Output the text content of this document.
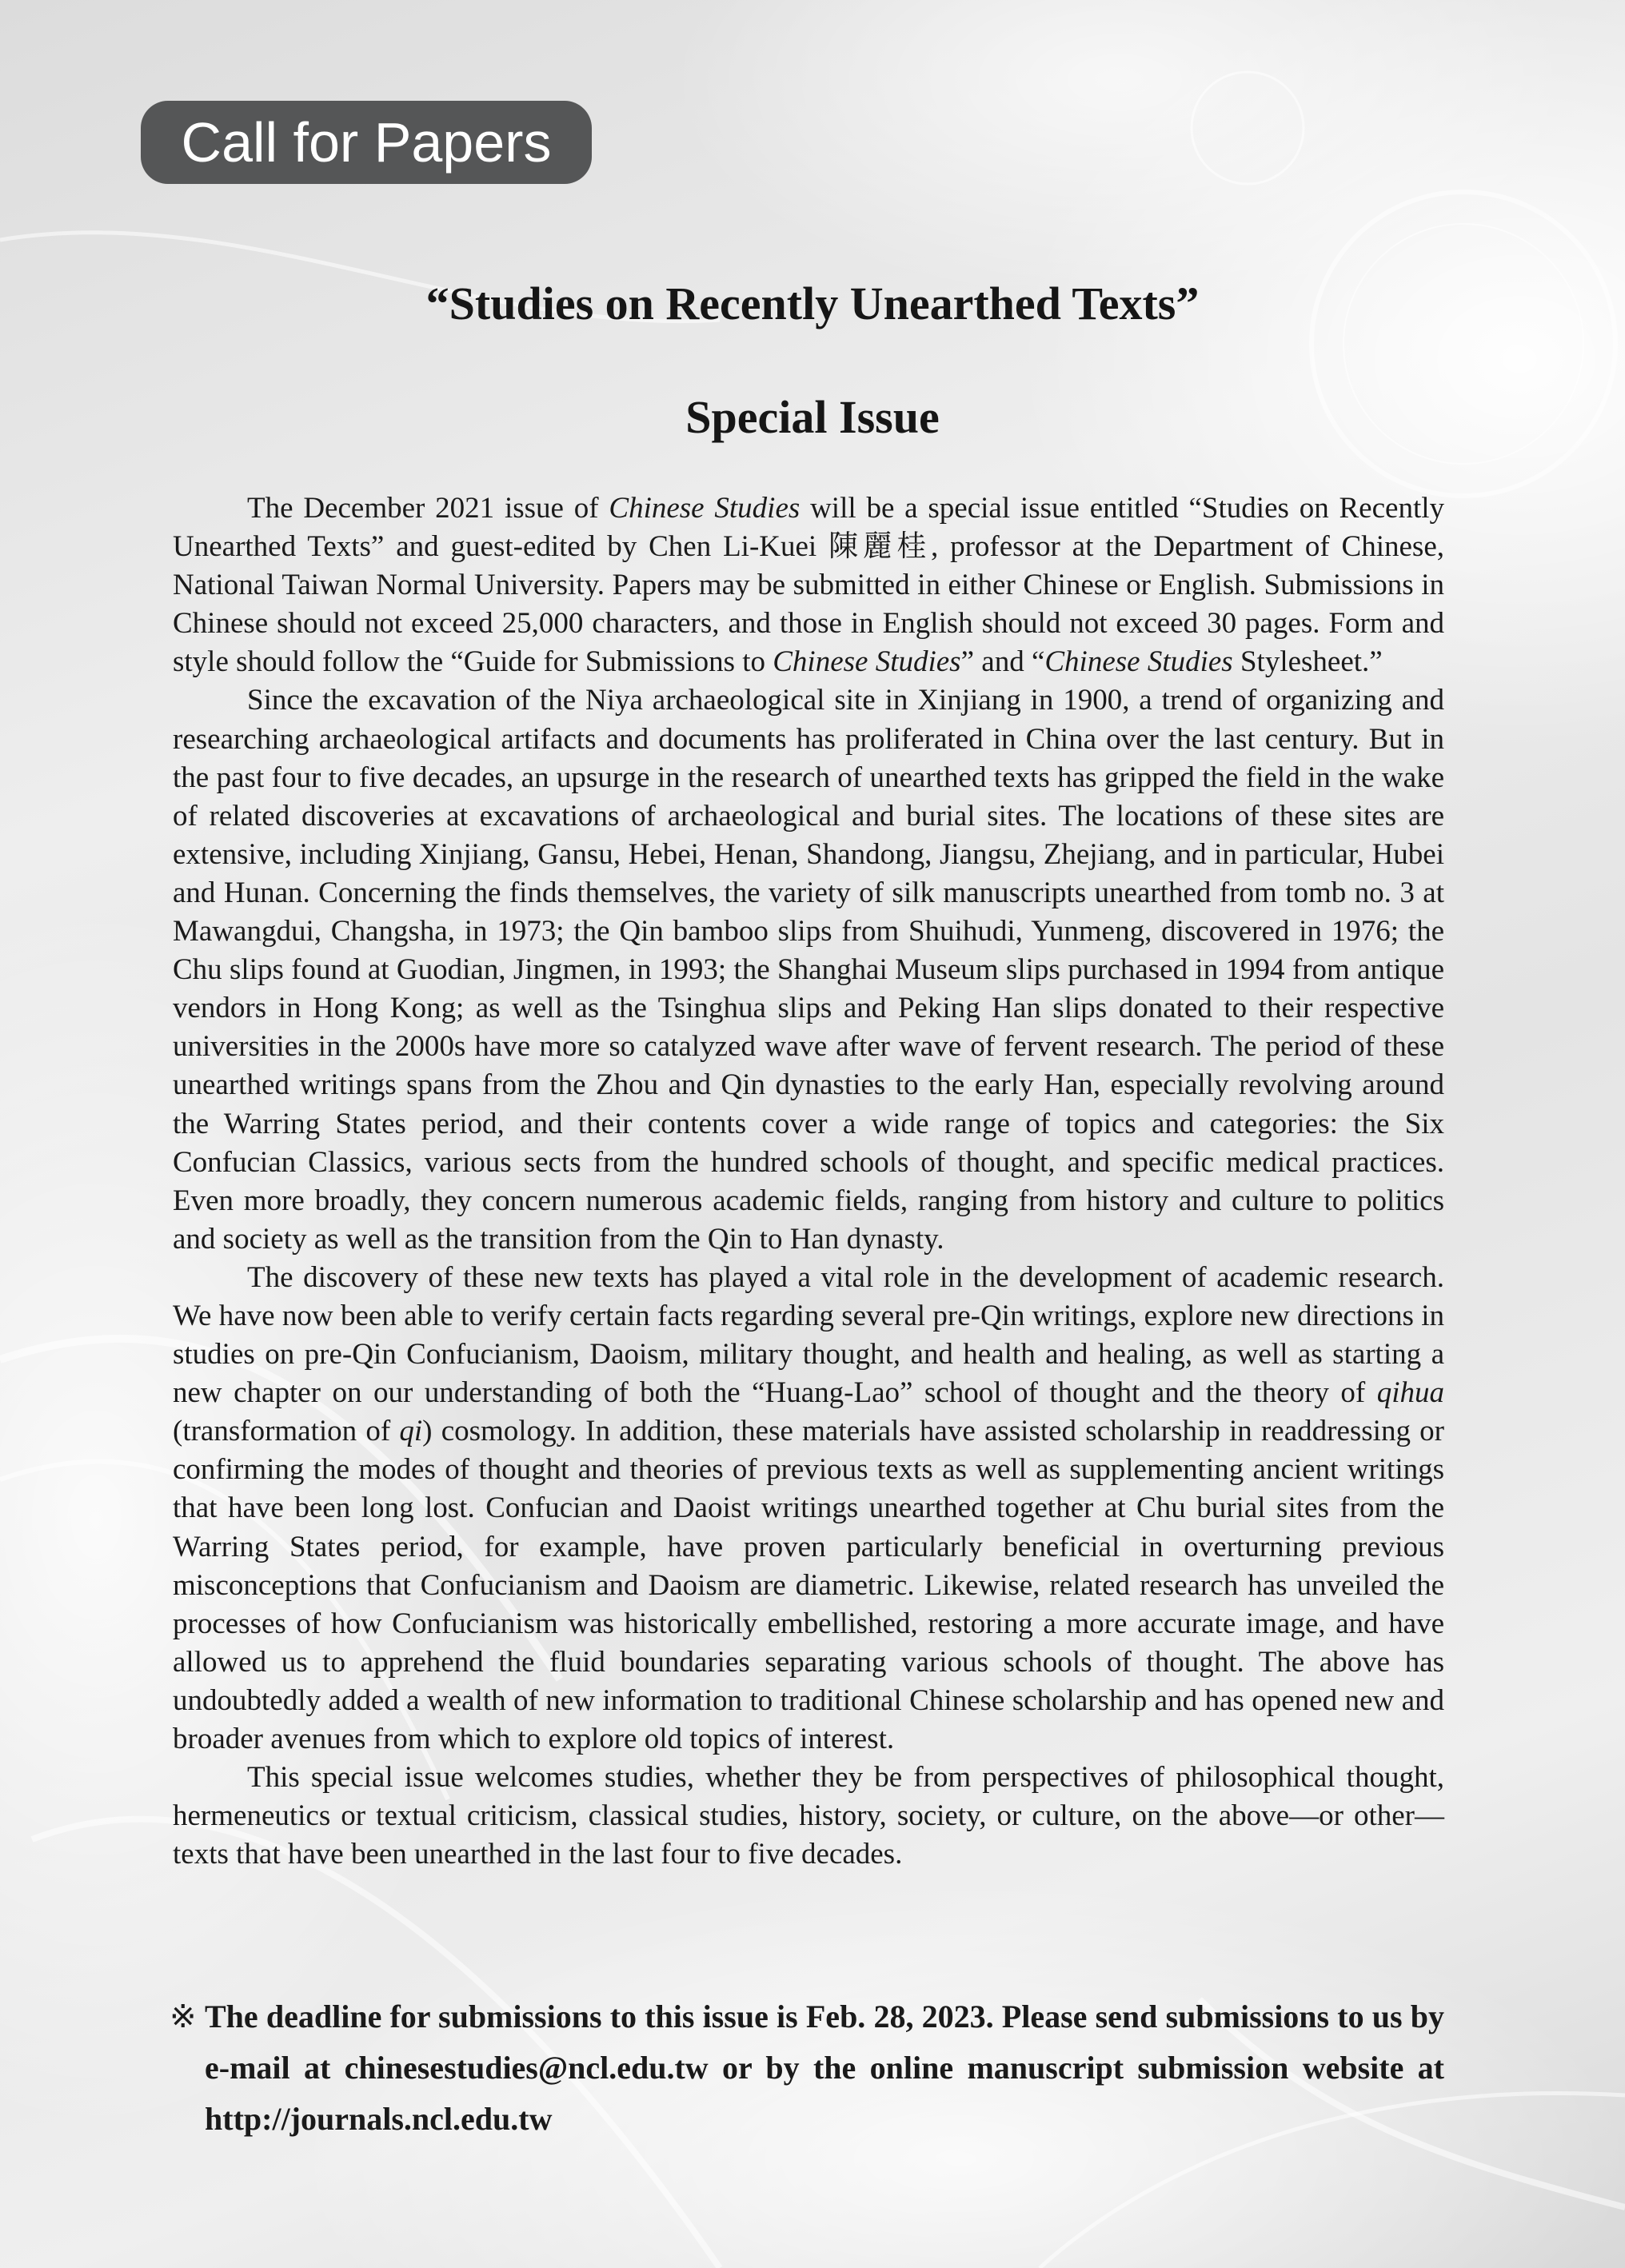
Call for Papers
“Studies on Recently Unearthed Texts”
Special Issue

The December 2021 issue of Chinese Studies will be a special issue entitled “Studies on Recently Unearthed Texts” and guest-edited by Chen Li-Kuei 陳麗桂, professor at the Department of Chinese, National Taiwan Normal University. Papers may be submitted in either Chinese or English. Submissions in Chinese should not exceed 25,000 characters, and those in English should not exceed 30 pages. Form and style should follow the “Guide for Submissions to Chinese Studies” and “Chinese Studies Stylesheet.”

Since the excavation of the Niya archaeological site in Xinjiang in 1900, a trend of organizing and researching archaeological artifacts and documents has proliferated in China over the last century. But in the past four to five decades, an upsurge in the research of unearthed texts has gripped the field in the wake of related discoveries at excavations of archaeological and burial sites. The locations of these sites are extensive, including Xinjiang, Gansu, Hebei, Henan, Shandong, Jiangsu, Zhejiang, and in particular, Hubei and Hunan. Concerning the finds themselves, the variety of silk manuscripts unearthed from tomb no. 3 at Mawangdui, Changsha, in 1973; the Qin bamboo slips from Shuihudi, Yunmeng, discovered in 1976; the Chu slips found at Guodian, Jingmen, in 1993; the Shanghai Museum slips purchased in 1994 from antique vendors in Hong Kong; as well as the Tsinghua slips and Peking Han slips donated to their respective universities in the 2000s have more so catalyzed wave after wave of fervent research. The period of these unearthed writings spans from the Zhou and Qin dynasties to the early Han, especially revolving around the Warring States period, and their contents cover a wide range of topics and categories: the Six Confucian Classics, various sects from the hundred schools of thought, and specific medical practices. Even more broadly, they concern numerous academic fields, ranging from history and culture to politics and society as well as the transition from the Qin to Han dynasty.

The discovery of these new texts has played a vital role in the development of academic research. We have now been able to verify certain facts regarding several pre-Qin writings, explore new directions in studies on pre-Qin Confucianism, Daoism, military thought, and health and healing, as well as starting a new chapter on our understanding of both the “Huang-Lao” school of thought and the theory of qihua (transformation of qi) cosmology. In addition, these materials have assisted scholarship in readdressing or confirming the modes of thought and theories of previous texts as well as supplementing ancient writings that have been long lost. Confucian and Daoist writings unearthed together at Chu burial sites from the Warring States period, for example, have proven particularly beneficial in overturning previous misconceptions that Confucianism and Daoism are diametric. Likewise, related research has unveiled the processes of how Confucianism was historically embellished, restoring a more accurate image, and have allowed us to apprehend the fluid boundaries separating various schools of thought. The above has undoubtedly added a wealth of new information to traditional Chinese scholarship and has opened new and broader avenues from which to explore old topics of interest.

This special issue welcomes studies, whether they be from perspectives of philosophical thought, hermeneutics or textual criticism, classical studies, history, society, or culture, on the above—or other—texts that have been unearthed in the last four to five decades.

※ The deadline for submissions to this issue is Feb. 28, 2023. Please send submissions to us by e-mail at chinesestudies@ncl.edu.tw or by the online manuscript submission website at http://journals.ncl.edu.tw
